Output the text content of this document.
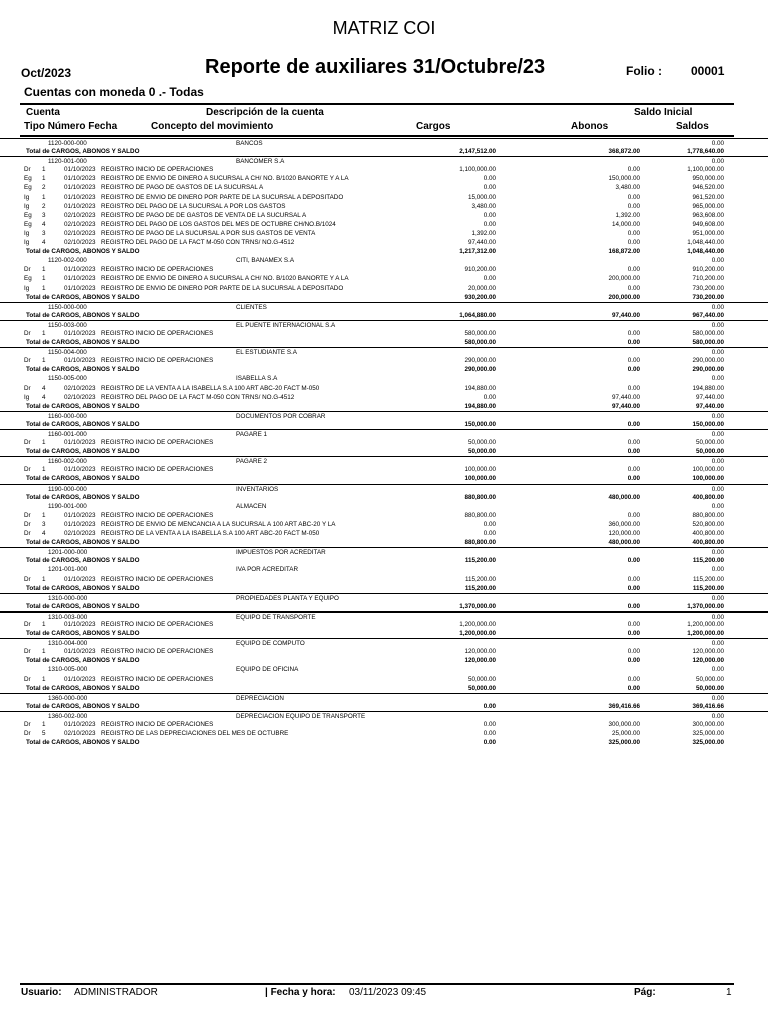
MATRIZ COI
Oct/2023	Reporte de auxiliares 31/Octubre/23	Folio : 00001
Cuentas con moneda 0 .- Todas
Cuenta	Descripción de la cuenta	Saldo Inicial
Tipo Número Fecha	Concepto del movimiento	Cargos	Abonos	Saldos
1120-000-000	BANCOS	0.00
Total de CARGOS, ABONOS Y SALDO	2,147,512.00	368,872.00	1,778,640.00
1120-001-000	BANCOMER S.A	0.00
Dr 1	01/10/2023 REGISTRO INICIO DE OPERACIONES	1,100,000.00	0.00	1,100,000.00
Eg 1	01/10/2023 REGISTRO DE ENVIO DE DINERO A SUCURSAL A CH/ NO. B/1020 BANORTE Y A LA	0.00	150,000.00	950,000.00
Eg 2	01/10/2023 REGISTRO DE PAGO DE GASTOS DE LA SUCURSAL A	0.00	3,480.00	946,520.00
Ig 1	01/10/2023 REGISTRO DE ENVIO DE DINERO POR PARTE DE LA SUCURSAL A DEPOSITADO	15,000.00	0.00	961,520.00
Ig 2	01/10/2023 REGISTRO DEL PAGO DE LA SUCURSAL A POR LOS GASTOS	3,480.00	0.00	965,000.00
Eg 3	02/10/2023 REGISTRO DE PAGO DE DE GASTOS DE VENTA DE LA SUCURSAL A	0.00	1,392.00	963,608.00
Eg 4	02/10/2023 REGISTRO DEL PAGO DE LOS GASTOS DEL MES DE OCTUBRE CH/NO.B/1024	0.00	14,000.00	949,608.00
Ig 3	02/10/2023 REGISTRO DE PAGO DE LA SUCURSAL A POR SUS GASTOS DE VENTA	1,392.00	0.00	951,000.00
Ig 4	02/10/2023 REGISTRO DEL PAGO DE LA FACT M-050 CON TRNS/ NO.G-4512	97,440.00	0.00	1,048,440.00
Total de CARGOS, ABONOS Y SALDO	1,217,312.00	168,872.00	1,048,440.00
1120-002-000	CITI, BANAMEX S.A	0.00
Dr 1	01/10/2023 REGISTRO INICIO DE OPERACIONES	910,200.00	0.00	910,200.00
Eg 1	01/10/2023 REGISTRO DE ENVIO DE DINERO A SUCURSAL A CH/ NO. B/1020 BANORTE Y A LA	0.00	200,000.00	710,200.00
Ig 1	01/10/2023 REGISTRO DE ENVIO DE DINERO POR PARTE DE LA SUCURSAL A DEPOSITADO	20,000.00	0.00	730,200.00
Total de CARGOS, ABONOS Y SALDO	930,200.00	200,000.00	730,200.00
1150-000-000	CLIENTES	0.00
Total de CARGOS, ABONOS Y SALDO	1,064,880.00	97,440.00	967,440.00
1150-003-000	EL PUENTE INTERNACIONAL S.A	0.00
Dr 1	01/10/2023 REGISTRO INICIO DE OPERACIONES	580,000.00	0.00	580,000.00
Total de CARGOS, ABONOS Y SALDO	580,000.00	0.00	580,000.00
1150-004-000	EL ESTUDIANTE S.A	0.00
Dr 1	01/10/2023 REGISTRO INICIO DE OPERACIONES	290,000.00	0.00	290,000.00
Total de CARGOS, ABONOS Y SALDO	290,000.00	0.00	290,000.00
1150-005-000	ISABELLA S.A	0.00
Dr 4	02/10/2023 REGISTRO DE LA VENTA A LA ISABELLA S.A 100 ART ABC-20 FACT M-050	194,880.00	0.00	194,880.00
Ig 4	02/10/2023 REGISTRO DEL PAGO DE LA FACT M-050 CON TRNS/ NO.G-4512	0.00	97,440.00	97,440.00
Total de CARGOS, ABONOS Y SALDO	194,880.00	97,440.00	97,440.00
1160-000-000	DOCUMENTOS POR COBRAR	0.00
Total de CARGOS, ABONOS Y SALDO	150,000.00	0.00	150,000.00
1160-001-000	PAGARE 1	0.00
Dr 1	01/10/2023 REGISTRO INICIO DE OPERACIONES	50,000.00	0.00	50,000.00
Total de CARGOS, ABONOS Y SALDO	50,000.00	0.00	50,000.00
1160-002-000	PAGARE 2	0.00
Dr 1	01/10/2023 REGISTRO INICIO DE OPERACIONES	100,000.00	0.00	100,000.00
Total de CARGOS, ABONOS Y SALDO	100,000.00	0.00	100,000.00
1190-000-000	INVENTARIOS	0.00
Total de CARGOS, ABONOS Y SALDO	880,800.00	480,000.00	400,800.00
1190-001-000	ALMACEN	0.00
Dr 1	01/10/2023 REGISTRO INICIO DE OPERACIONES	880,800.00	0.00	880,800.00
Dr 3	01/10/2023 REGISTRO DE ENVIO DE MENCANCIA A LA SUCURSAL A 100 ART ABC-20 Y LA	0.00	360,000.00	520,800.00
Dr 4	02/10/2023 REGISTRO DE LA VENTA A LA ISABELLA S.A 100 ART ABC-20 FACT M-050	0.00	120,000.00	400,800.00
Total de CARGOS, ABONOS Y SALDO	880,800.00	480,000.00	400,800.00
1201-000-000	IMPUESTOS POR ACREDITAR	0.00
Total de CARGOS, ABONOS Y SALDO	115,200.00	0.00	115,200.00
1201-001-000	IVA POR ACREDITAR	0.00
Dr 1	01/10/2023 REGISTRO INICIO DE OPERACIONES	115,200.00	0.00	115,200.00
Total de CARGOS, ABONOS Y SALDO	115,200.00	0.00	115,200.00
1310-000-000	PROPIEDADES PLANTA Y EQUIPO	0.00
Total de CARGOS, ABONOS Y SALDO	1,370,000.00	0.00	1,370,000.00
1310-003-000	EQUIPO DE TRANSPORTE	0.00
Dr 1	01/10/2023 REGISTRO INICIO DE OPERACIONES	1,200,000.00	0.00	1,200,000.00
Total de CARGOS, ABONOS Y SALDO	1,200,000.00	0.00	1,200,000.00
1310-004-000	EQUIPO DE COMPUTO	0.00
Dr 1	01/10/2023 REGISTRO INICIO DE OPERACIONES	120,000.00	0.00	120,000.00
Total de CARGOS, ABONOS Y SALDO	120,000.00	0.00	120,000.00
1310-005-000	EQUIPO DE OFICINA	0.00
Dr 1	01/10/2023 REGISTRO INICIO DE OPERACIONES	50,000.00	0.00	50,000.00
Total de CARGOS, ABONOS Y SALDO	50,000.00	0.00	50,000.00
1360-000-000	DEPRECIACION	0.00
Total de CARGOS, ABONOS Y SALDO	0.00	369,416.66	369,416.66
1360-002-000	DEPRECIACION EQUIPO DE TRANSPORTE	0.00
Dr 1	01/10/2023 REGISTRO INICIO DE OPERACIONES	0.00	300,000.00	300,000.00
Dr 5	02/10/2023 REGISTRO DE LAS DEPRECIACIONES DEL MES DE OCTUBRE	0.00	25,000.00	325,000.00
Total de CARGOS, ABONOS Y SALDO	0.00	325,000.00	325,000.00
Usuario: ADMINISTRADOR	| Fecha y hora: 03/11/2023 09:45	Pág:	1
